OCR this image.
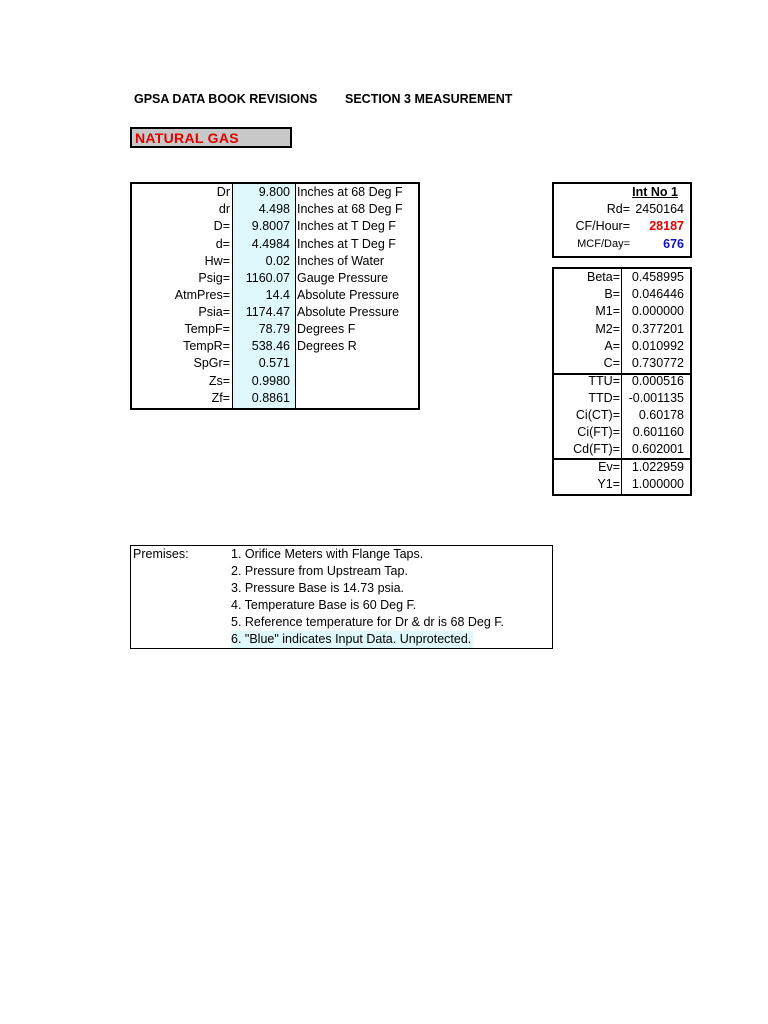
GPSA DATA BOOK REVISIONS SECTION 3 MEASUREMENT
NATURAL GAS
Dr 9.800 Inches at 68 Deg F
dr 4.498 Inches at 68 Deg F
D= 9.8007 Inches at T Deg F
d= 4.4984 Inches at T Deg F
Hw=	0.02 Inches of Water
Psig= 1160.07 Gauge Pressure
AtmPres=	14.4 Absolute Pressure
Psia= 1174.47 Absolute Pressure
TempF= 78.79 Degrees F
TempR= 538.46 Degrees R
SpGr= 0.571
Zs= 0.9980
Zf= 0.8861
Int No 1
Rd= 2450164
CF/Hour= 28187
MCF/Day=	676
Beta= 0.458995
B= 0.046446
M1= 0.000000
M2= 0.377201
A= 0.010992
C= 0.730772
TTU= 0.000516
TTD= -0.001135
Ci(CT)= 0.60178
Ci(FT)= 0.601160
Cd(FT)= 0.602001
Ev= 1.022959
Y1= 1.000000
Premises:	1. Orifice Meters with Flange Taps.
2. Pressure from Upstream Tap.
3. Pressure Base is 14.73 psia.
4. Temperature Base is 60 Deg F.
5. Reference temperature for Dr & dr is 68 Deg F.
6. "Blue" indicates Input Data. Unprotected.
